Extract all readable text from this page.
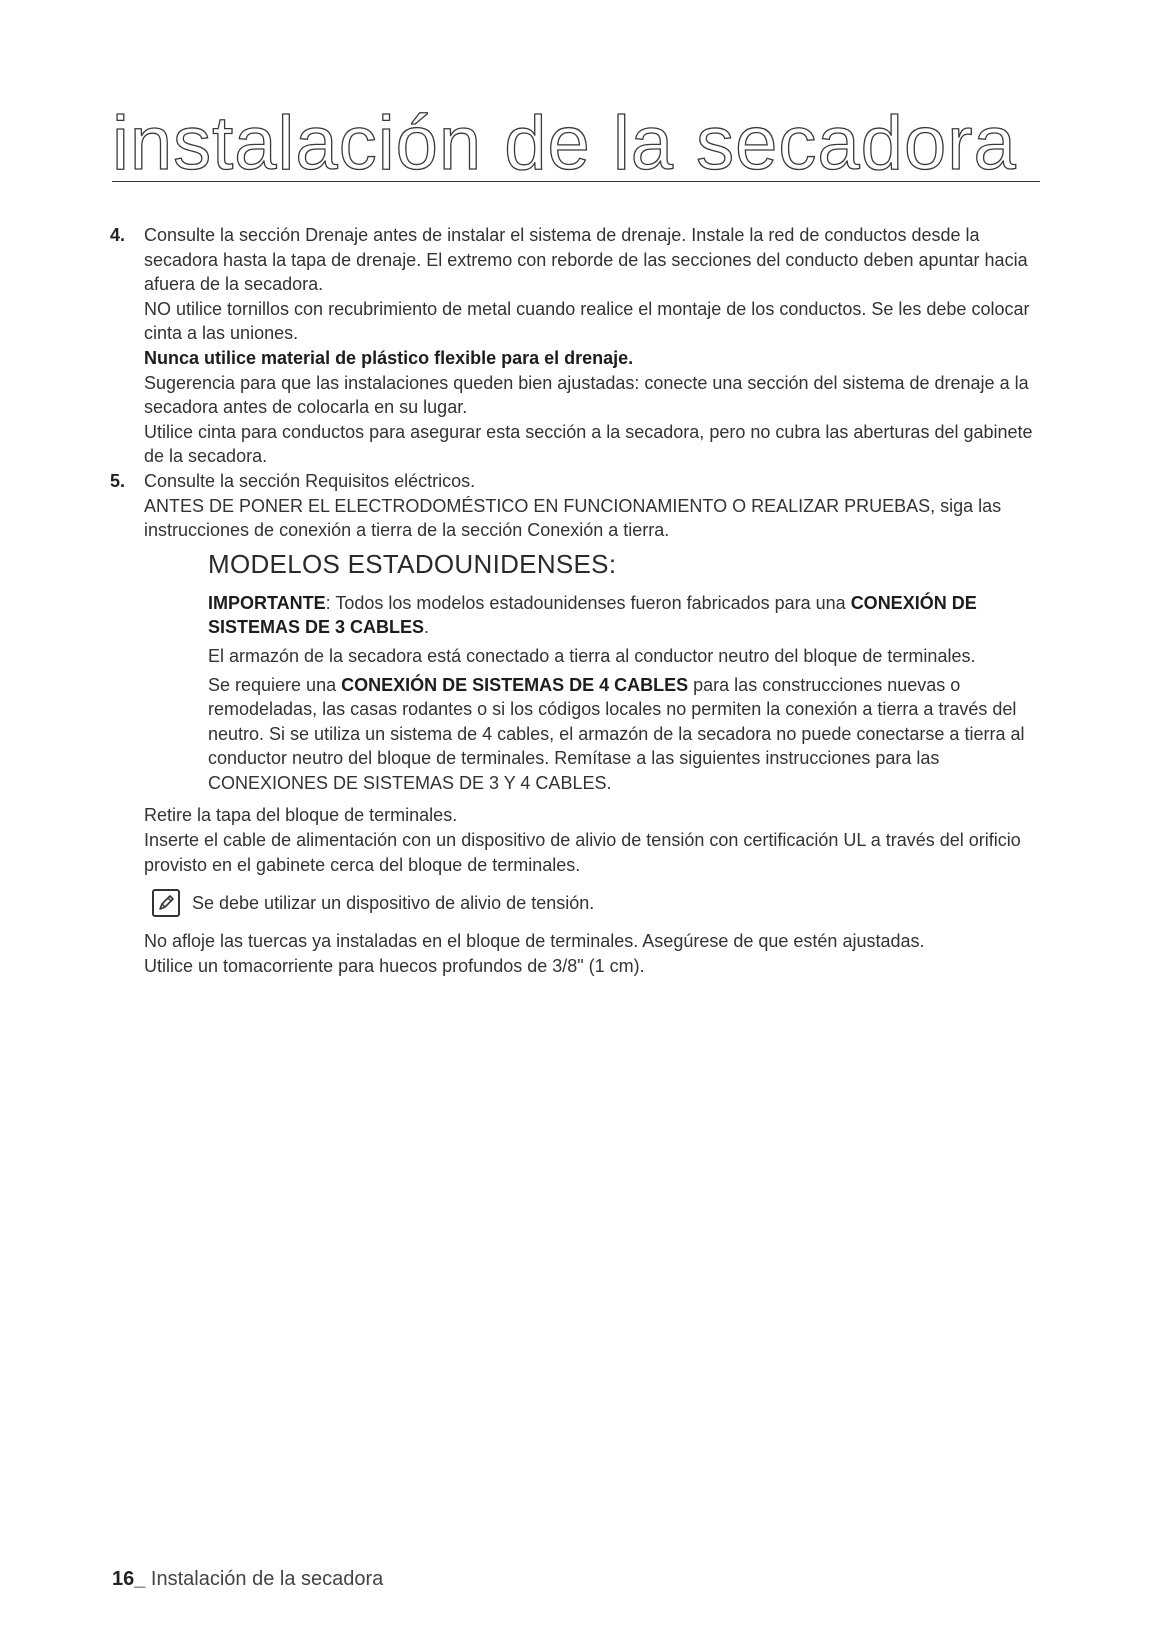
instalación de la secadora
4. Consulte la sección Drenaje antes de instalar el sistema de drenaje. Instale la red de conductos desde la secadora hasta la tapa de drenaje. El extremo con reborde de las secciones del conducto deben apuntar hacia afuera de la secadora.

NO utilice tornillos con recubrimiento de metal cuando realice el montaje de los conductos. Se les debe colocar cinta a las uniones.

Nunca utilice material de plástico flexible para el drenaje.

Sugerencia para que las instalaciones queden bien ajustadas: conecte una sección del sistema de drenaje a la secadora antes de colocarla en su lugar.

Utilice cinta para conductos para asegurar esta sección a la secadora, pero no cubra las aberturas del gabinete de la secadora.

5. Consulte la sección Requisitos eléctricos.

ANTES DE PONER EL ELECTRODOMÉSTICO EN FUNCIONAMIENTO O REALIZAR PRUEBAS, siga las instrucciones de conexión a tierra de la sección Conexión a tierra.

MODELOS ESTADOUNIDENSES:

IMPORTANTE: Todos los modelos estadounidenses fueron fabricados para una CONEXIÓN DE SISTEMAS DE 3 CABLES.

El armazón de la secadora está conectado a tierra al conductor neutro del bloque de terminales.

Se requiere una CONEXIÓN DE SISTEMAS DE 4 CABLES para las construcciones nuevas o remodeladas, las casas rodantes o si los códigos locales no permiten la conexión a tierra a través del neutro. Si se utiliza un sistema de 4 cables, el armazón de la secadora no puede conectarse a tierra al conductor neutro del bloque de terminales. Remítase a las siguientes instrucciones para las CONEXIONES DE SISTEMAS DE 3 Y 4 CABLES.

Retire la tapa del bloque de terminales.

Inserte el cable de alimentación con un dispositivo de alivio de tensión con certificación UL a través del orificio provisto en el gabinete cerca del bloque de terminales.

Se debe utilizar un dispositivo de alivio de tensión.

No afloje las tuercas ya instaladas en el bloque de terminales. Asegúrese de que estén ajustadas.

Utilice un tomacorriente para huecos profundos de 3/8" (1 cm).

16_ Instalación de la secadora
